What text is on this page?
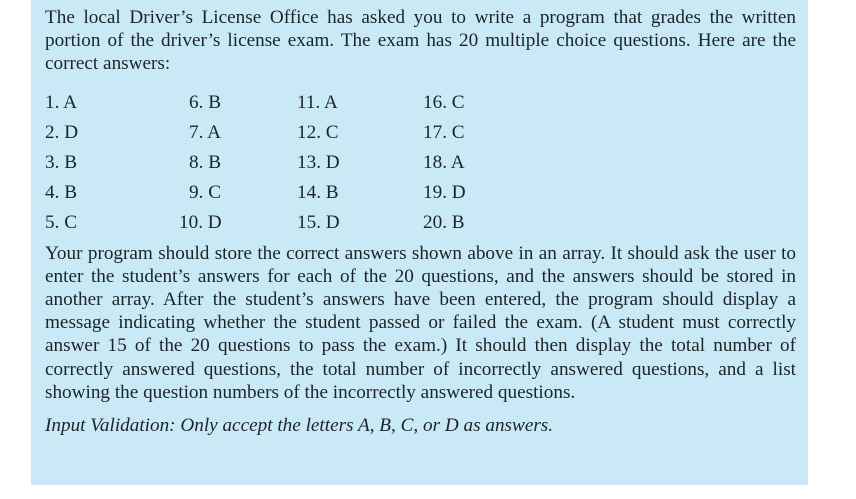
The local Driver’s License Office has asked you to write a program that grades the written portion of the driver’s license exam. The exam has 20 multiple choice questions. Here are the correct answers:

1. A
2. D
3. B
4. B
5. C
6. B
7. A
8. B
9. C
10. D
11. A
12. C
13. D
14. B
15. D
16. C
17. C
18. A
19. D
20. B

Your program should store the correct answers shown above in an array. It should ask the user to enter the student’s answers for each of the 20 questions, and the answers should be stored in another array. After the student’s answers have been entered, the program should display a message indicating whether the student passed or failed the exam. (A student must correctly answer 15 of the 20 questions to pass the exam.) It should then display the total number of correctly answered questions, the total number of incorrectly answered questions, and a list showing the question numbers of the incorrectly answered questions.

Input Validation: Only accept the letters A, B, C, or D as answers.
